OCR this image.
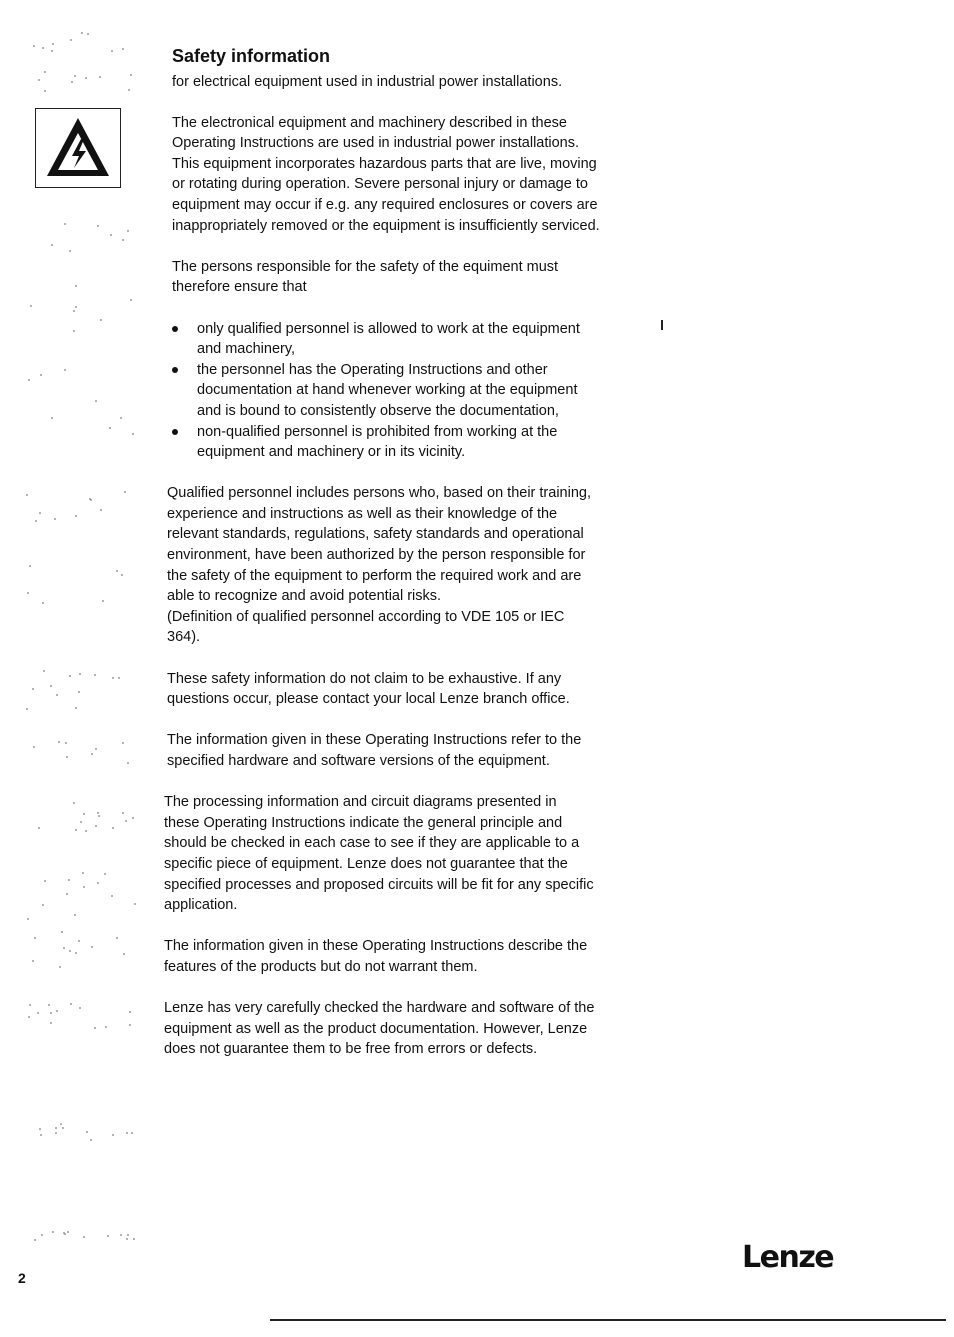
Safety information
for electrical equipment used in industrial power installations.

The electronical equipment and machinery described in these

Operating Instructions are used in industrial power installations.

This equipment incorporates hazardous parts that are live, moving

or rotating during operation. Severe personal injury or damage to

equipment may occur if e.g. any required enclosures or covers are

inappropriately removed or the equipment is insufficiently serviced.

The persons responsible for the safety of the equiment must

therefore ensure that

only qualified personnel is allowed to work at the equipment
and machinery,
the personnel has the Operating Instructions and other
documentation at hand whenever working at the equipment
and is bound to consistently observe the documentation,
non-qualified personnel is prohibited from working at the
equipment and machinery or in its vicinity.

Qualified personnel includes persons who, based on their training,

experience and instructions as well as their knowledge of the

relevant standards, regulations, safety standards and operational

environment, have been authorized by the person responsible for

the safety of the equipment to perform the required work and are

able to recognize and avoid potential risks.

(Definition of qualified personnel according to VDE 105 or IEC

364).

These safety information do not claim to be exhaustive. If any

questions occur, please contact your local Lenze branch office.

The information given in these Operating Instructions refer to the

specified hardware and software versions of the equipment.

The processing information and circuit diagrams presented in

these Operating Instructions indicate the general principle and

should be checked in each case to see if they are applicable to a

specific piece of equipment. Lenze does not guarantee that the

specified processes and proposed circuits will be fit for any specific

application.

The information given in these Operating Instructions describe the

features of the products but do not warrant them.

Lenze has very carefully checked the hardware and software of the

equipment as well as the product documentation. However, Lenze

does not guarantee them to be free from errors or defects.

2
Lenze
